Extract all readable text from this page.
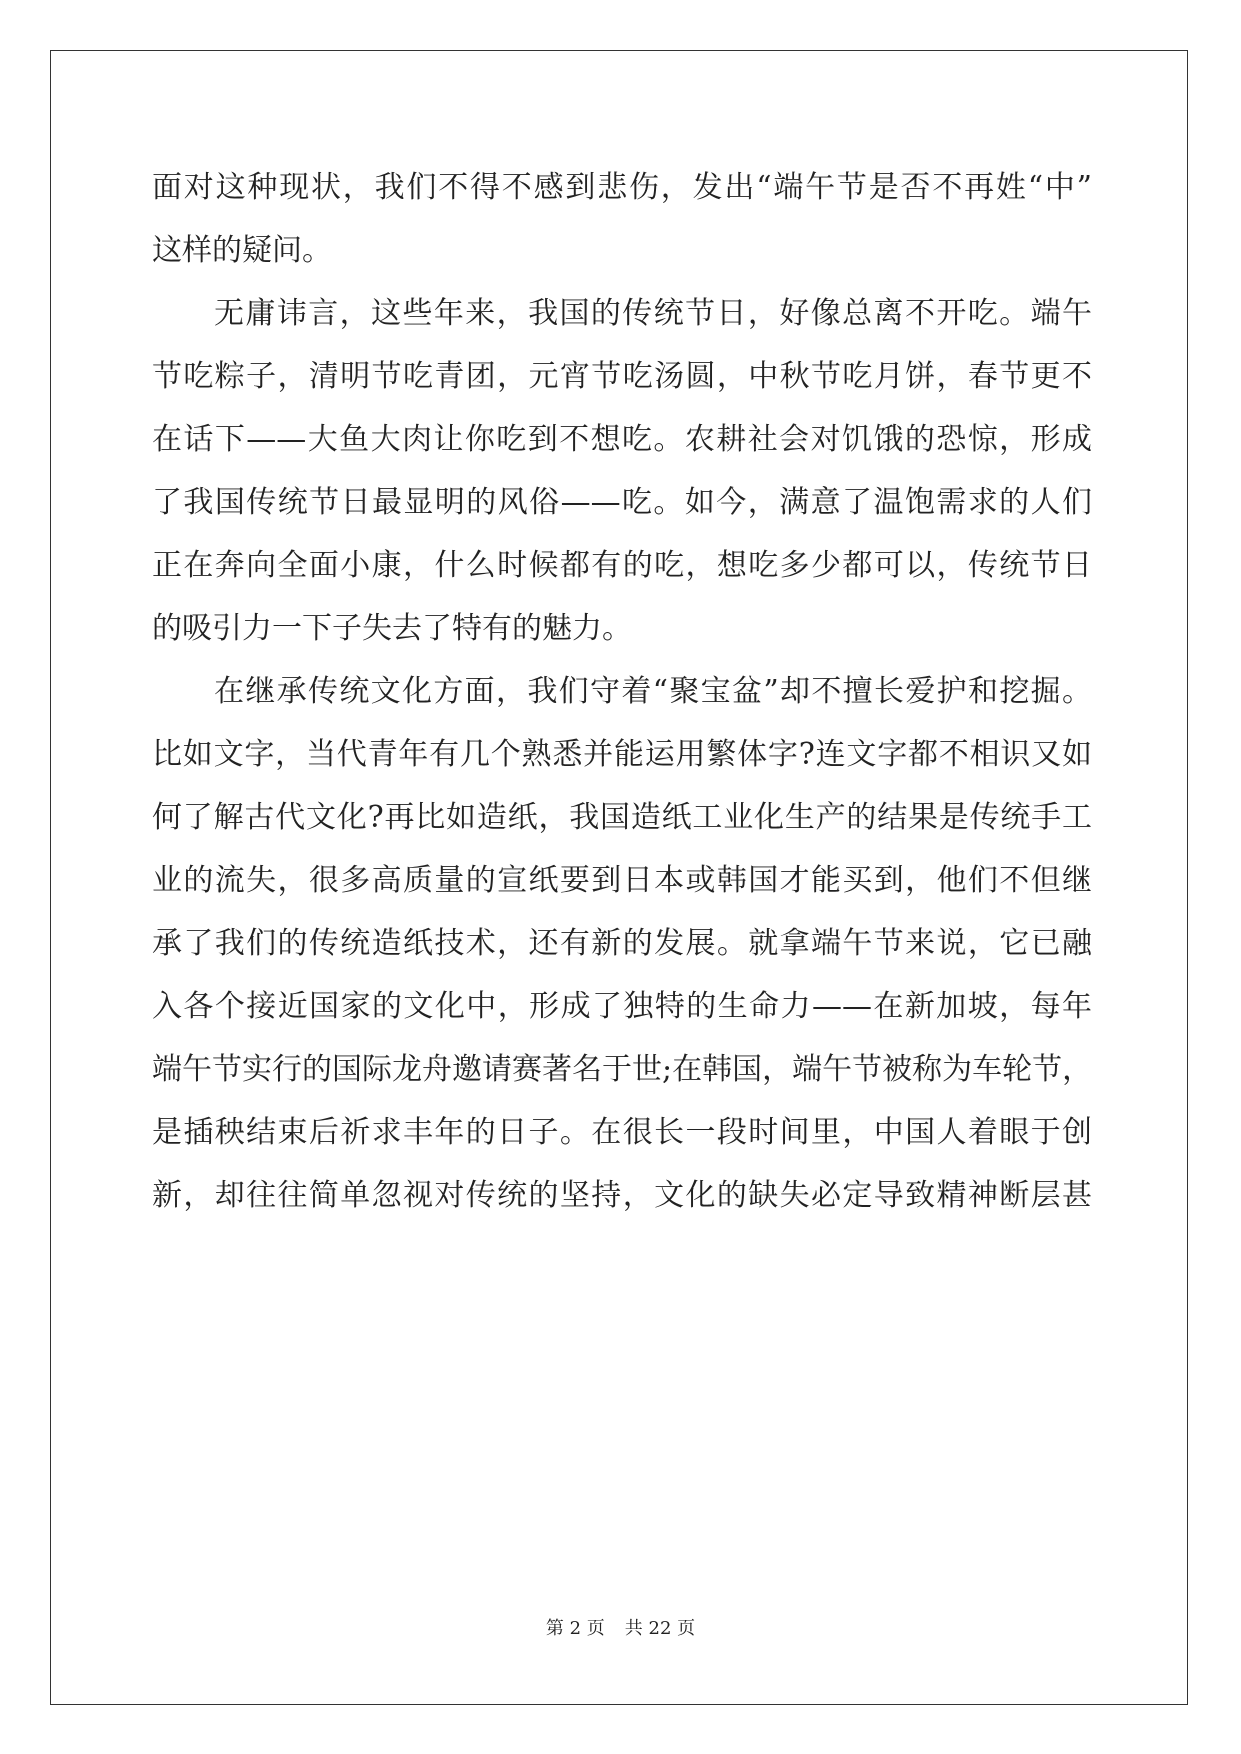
面对这种现状，我们不得不感到悲伤，发出“端午节是否不再姓“中”
这样的疑问。
无庸讳言，这些年来，我国的传统节日，好像总离不开吃。端午
节吃粽子，清明节吃青团，元宵节吃汤圆，中秋节吃月饼，春节更不
在话下——大鱼大肉让你吃到不想吃。农耕社会对饥饿的恐惊，形成
了我国传统节日最显明的风俗——吃。如今，满意了温饱需求的人们
正在奔向全面小康，什么时候都有的吃，想吃多少都可以，传统节日
的吸引力一下子失去了特有的魅力。
在继承传统文化方面，我们守着“聚宝盆”却不擅长爱护和挖掘。
比如文字，当代青年有几个熟悉并能运用繁体字?连文字都不相识又如
何了解古代文化?再比如造纸，我国造纸工业化生产的结果是传统手工
业的流失，很多高质量的宣纸要到日本或韩国才能买到，他们不但继
承了我们的传统造纸技术，还有新的发展。就拿端午节来说，它已融
入各个接近国家的文化中，形成了独特的生命力——在新加坡，每年
端午节实行的国际龙舟邀请赛著名于世;在韩国，端午节被称为车轮节，
是插秧结束后祈求丰年的日子。在很长一段时间里，中国人着眼于创
新，却往往简单忽视对传统的坚持，文化的缺失必定导致精神断层甚
第 2 页 共 22 页
